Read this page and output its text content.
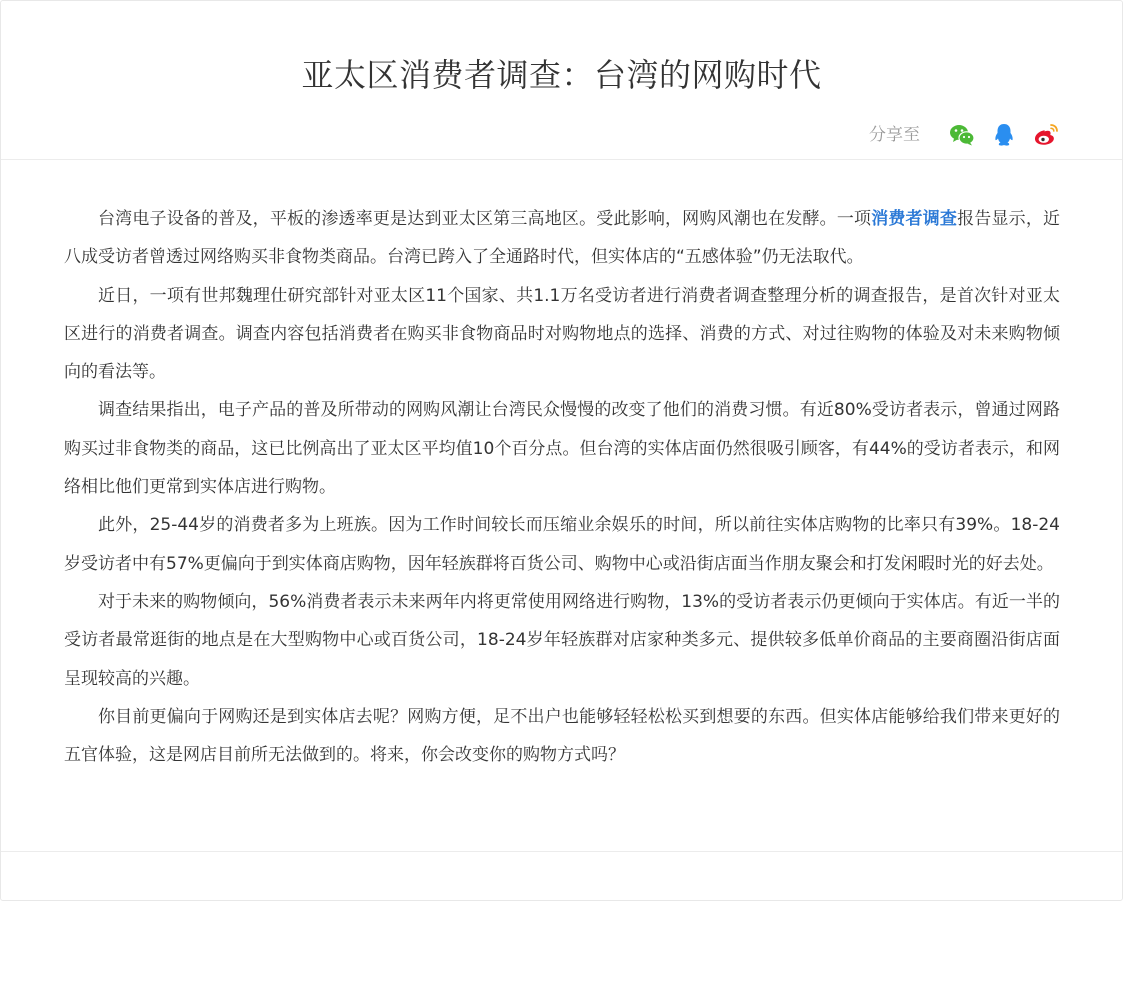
亚太区消费者调查：台湾的网购时代
分享至

台湾电子设备的普及，平板的渗透率更是达到亚太区第三高地区。受此影响，网购风潮也在发酵。一项消费者调查报告显示，近八成受访者曾透过网络购买非食物类商品。台湾已跨入了全通路时代，但实体店的“五感体验”仍无法取代。

近日，一项有世邦魏理仕研究部针对亚太区11个国家、共1.1万名受访者进行消费者调查整理分析的调查报告，是首次针对亚太区进行的消费者调查。调查内容包括消费者在购买非食物商品时对购物地点的选择、消费的方式、对过往购物的体验及对未来购物倾向的看法等。

调查结果指出，电子产品的普及所带动的网购风潮让台湾民众慢慢的改变了他们的消费习惯。有近80%受访者表示，曾通过网路购买过非食物类的商品，这已比例高出了亚太区平均值10个百分点。但台湾的实体店面仍然很吸引顾客，有44%的受访者表示，和网络相比他们更常到实体店进行购物。

此外，25-44岁的消费者多为上班族。因为工作时间较长而压缩业余娱乐的时间，所以前往实体店购物的比率只有39%。18-24岁受访者中有57%更偏向于到实体商店购物，因年轻族群将百货公司、购物中心或沿街店面当作朋友聚会和打发闲暇时光的好去处。

对于未来的购物倾向，56%消费者表示未来两年内将更常使用网络进行购物，13%的受访者表示仍更倾向于实体店。有近一半的受访者最常逛街的地点是在大型购物中心或百货公司，18-24岁年轻族群对店家种类多元、提供较多低单价商品的主要商圈沿街店面呈现较高的兴趣。

你目前更偏向于网购还是到实体店去呢？网购方便，足不出户也能够轻轻松松买到想要的东西。但实体店能够给我们带来更好的五官体验，这是网店目前所无法做到的。将来，你会改变你的购物方式吗？
